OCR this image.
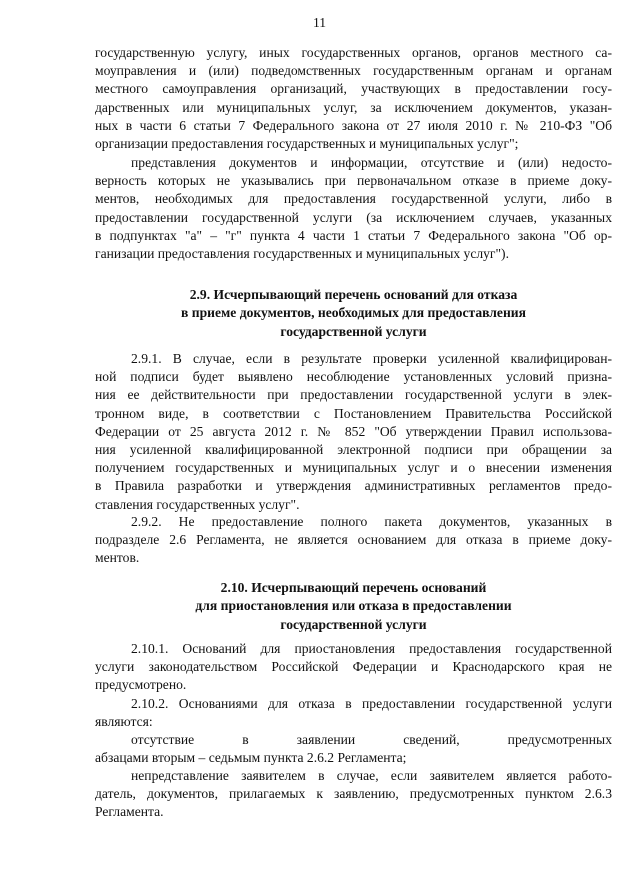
11
государственную услугу, иных государственных органов, органов местного са-
моуправления и (или) подведомственных государственным органам и органам
местного самоуправления организаций, участвующих в предоставлении госу-
дарственных или муниципальных услуг, за исключением документов, указан-
ных в части 6 статьи 7 Федерального закона от 27 июля 2010 г. № 210-ФЗ "Об
организации предоставления государственных и муниципальных услуг";
представления документов и информации, отсутствие и (или) недосто-
верность которых не указывались при первоначальном отказе в приеме доку-
ментов, необходимых для предоставления государственной услуги, либо в
предоставлении государственной услуги (за исключением случаев, указанных
в подпунктах "а" – "г" пункта 4 части 1 статьи 7 Федерального закона "Об ор-
ганизации предоставления государственных и муниципальных услуг").
2.9. Исчерпывающий перечень оснований для отказа
в приеме документов, необходимых для предоставления
государственной услуги
2.9.1. В случае, если в результате проверки усиленной квалифицирован-
ной подписи будет выявлено несоблюдение установленных условий призна-
ния ее действительности при предоставлении государственной услуги в элек-
тронном виде, в соответствии с Постановлением Правительства Российской
Федерации от 25 августа 2012 г. № 852 "Об утверждении Правил использова-
ния усиленной квалифицированной электронной подписи при обращении за
получением государственных и муниципальных услуг и о внесении изменения
в Правила разработки и утверждения административных регламентов предо-
ставления государственных услуг".
2.9.2. Не предоставление полного пакета документов, указанных в
подразделе 2.6 Регламента, не является основанием для отказа в приеме доку-
ментов.
2.10. Исчерпывающий перечень оснований
для приостановления или отказа в предоставлении
государственной услуги
2.10.1. Оснований для приостановления предоставления государственной
услуги законодательством Российской Федерации и Краснодарского края не
предусмотрено.
2.10.2. Основаниями для отказа в предоставлении государственной услуги
являются:
отсутствие в заявлении сведений, предусмотренных
абзацами вторым – седьмым пункта 2.6.2 Регламента;
непредставление заявителем в случае, если заявителем является работо-
датель, документов, прилагаемых к заявлению, предусмотренных пунктом 2.6.3
Регламента.
